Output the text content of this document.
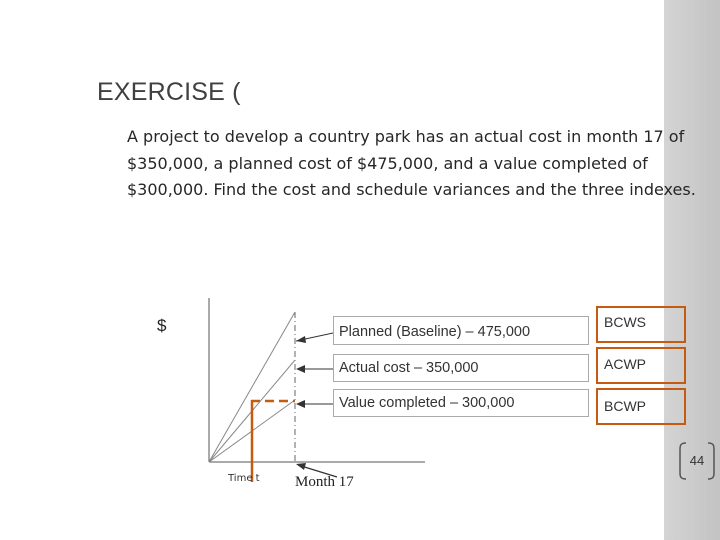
EXERCISE (
A project to develop a country park has an actual cost in month 17 of
$350,000, a planned cost of $475,000, and a value completed of
$300,000. Find the cost and schedule variances and the three indexes.
$	Planned (Baseline) – 475,000
Actual cost – 350,000
Value completed – 300,000
BCWS
ACWP
BCWP
Time t Month 17
44
